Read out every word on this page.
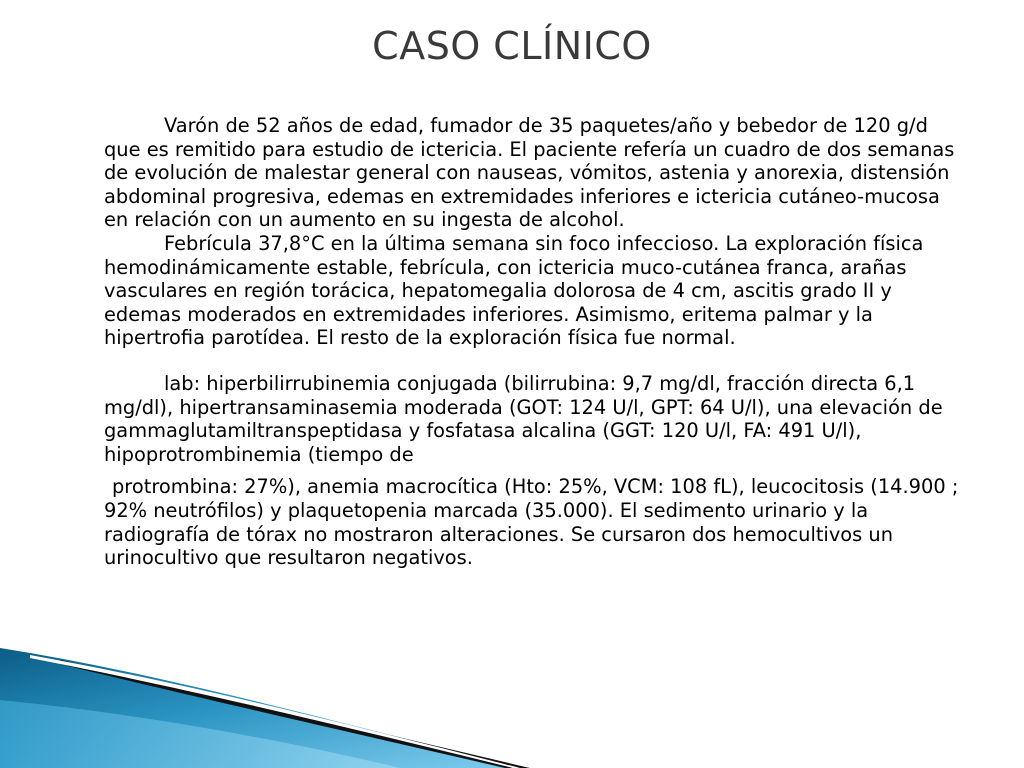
CASO CLÍNICO

Varón de 52 años de edad, fumador de 35 paquetes/año y bebedor de 120 g/d que es remitido para estudio de ictericia. El paciente refería un cuadro de dos semanas de evolución de malestar general con nauseas, vómitos, astenia y anorexia, distensión abdominal progresiva, edemas en extremidades inferiores e ictericia cutáneo-mucosa en relación con un aumento en su ingesta de alcohol.

Febrícula 37,8°C en la última semana sin foco infeccioso. La exploración física hemodinámicamente estable, febrícula, con ictericia muco-cutánea franca, arañas vasculares en región torácica, hepatomegalia dolorosa de 4 cm, ascitis grado II y edemas moderados en extremidades inferiores. Asimismo, eritema palmar y la hipertrofia parotídea. El resto de la exploración física fue normal.

lab: hiperbilirrubinemia conjugada (bilirrubina: 9,7 mg/dl, fracción directa 6,1 mg/dl), hipertransaminasemia moderada (GOT: 124 U/l, GPT: 64 U/l), una elevación de gammaglutamiltranspeptidasa y fosfatasa alcalina (GGT: 120 U/l, FA: 491 U/l), hipoprotrombinemia (tiempo de

protrombina: 27%), anemia macrocítica (Hto: 25%, VCM: 108 fL), leucocitosis (14.900 ; 92% neutrófilos) y plaquetopenia marcada (35.000). El sedimento urinario y la radiografía de tórax no mostraron alteraciones. Se cursaron dos hemocultivos un urinocultivo que resultaron negativos.
